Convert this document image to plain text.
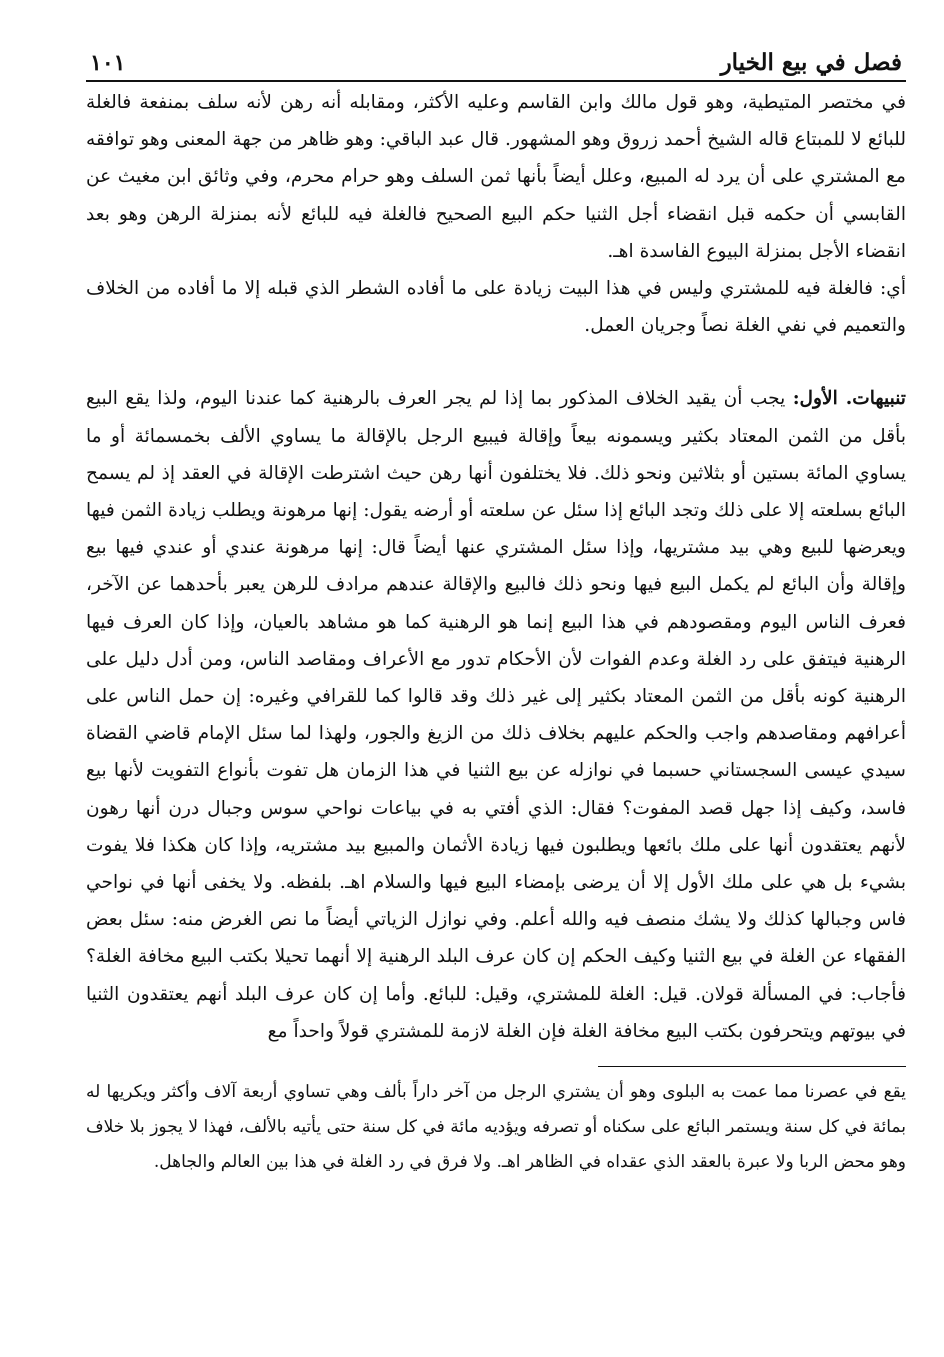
فصل في بيع الخيار
١٠١

في مختصر المتيطية، وهو قول مالك وابن القاسم وعليه الأكثر، ومقابله أنه رهن لأنه سلف بمنفعة فالغلة للبائع لا للمبتاع قاله الشيخ أحمد زروق وهو المشهور. قال عبد الباقي: وهو ظاهر من جهة المعنى وهو توافقه مع المشتري على أن يرد له المبيع، وعلل أيضاً بأنها ثمن السلف وهو حرام محرم، وفي وثائق ابن مغيث عن القابسي أن حكمه قبل انقضاء أجل الثنيا حكم البيع الصحيح فالغلة فيه للبائع لأنه بمنزلة الرهن وهو بعد انقضاء الأجل بمنزلة البيوع الفاسدة اهـ.

أي: فالغلة فيه للمشتري وليس في هذا البيت زيادة على ما أفاده الشطر الذي قبله إلا ما أفاده من الخلاف والتعميم في نفي الغلة نصاً وجريان العمل.

تنبيهات. الأول: يجب أن يقيد الخلاف المذكور بما إذا لم يجر العرف بالرهنية كما عندنا اليوم، ولذا يقع البيع بأقل من الثمن المعتاد بكثير ويسمونه بيعاً وإقالة فيبيع الرجل بالإقالة ما يساوي الألف بخمسمائة أو ما يساوي المائة بستين أو بثلاثين ونحو ذلك. فلا يختلفون أنها رهن حيث اشترطت الإقالة في العقد إذ لم يسمح البائع بسلعته إلا على ذلك وتجد البائع إذا سئل عن سلعته أو أرضه يقول: إنها مرهونة ويطلب زيادة الثمن فيها ويعرضها للبيع وهي بيد مشتريها، وإذا سئل المشتري عنها أيضاً قال: إنها مرهونة عندي أو عندي فيها بيع وإقالة وأن البائع لم يكمل البيع فيها ونحو ذلك فالبيع والإقالة عندهم مرادف للرهن يعبر بأحدهما عن الآخر، فعرف الناس اليوم ومقصودهم في هذا البيع إنما هو الرهنية كما هو مشاهد بالعيان، وإذا كان العرف فيها الرهنية فيتفق على رد الغلة وعدم الفوات لأن الأحكام تدور مع الأعراف ومقاصد الناس، ومن أدل دليل على الرهنية كونه بأقل من الثمن المعتاد بكثير إلى غير ذلك وقد قالوا كما للقرافي وغيره: إن حمل الناس على أعرافهم ومقاصدهم واجب والحكم عليهم بخلاف ذلك من الزيغ والجور، ولهذا لما سئل الإمام قاضي القضاة سيدي عيسى السجستاني حسبما في نوازله عن بيع الثنيا في هذا الزمان هل تفوت بأنواع التفويت لأنها بيع فاسد، وكيف إذا جهل قصد المفوت؟ فقال: الذي أفتي به في بياعات نواحي سوس وجبال درن أنها رهون لأنهم يعتقدون أنها على ملك بائعها ويطلبون فيها زيادة الأثمان والمبيع بيد مشتريه، وإذا كان هكذا فلا يفوت بشيء بل هي على ملك الأول إلا أن يرضى بإمضاء البيع فيها والسلام اهـ. بلفظه. ولا يخفى أنها في نواحي فاس وجبالها كذلك ولا يشك منصف فيه والله أعلم. وفي نوازل الزياتي أيضاً ما نص الغرض منه: سئل بعض الفقهاء عن الغلة في بيع الثنيا وكيف الحكم إن كان عرف البلد الرهنية إلا أنهما تحيلا بكتب البيع مخافة الغلة؟ فأجاب: في المسألة قولان. قيل: الغلة للمشتري، وقيل: للبائع. وأما إن كان عرف البلد أنهم يعتقدون الثنيا في بيوتهم ويتحرفون بكتب البيع مخافة الغلة فإن الغلة لازمة للمشتري قولاً واحداً مع

يقع في عصرنا مما عمت به البلوى وهو أن يشتري الرجل من آخر داراً بألف وهي تساوي أربعة آلاف وأكثر ويكريها له بمائة في كل سنة ويستمر البائع على سكناه أو تصرفه ويؤديه مائة في كل سنة حتى يأتيه بالألف، فهذا لا يجوز بلا خلاف وهو محض الربا ولا عبرة بالعقد الذي عقداه في الظاهر اهـ. ولا فرق في رد الغلة في هذا بين العالم والجاهل.
